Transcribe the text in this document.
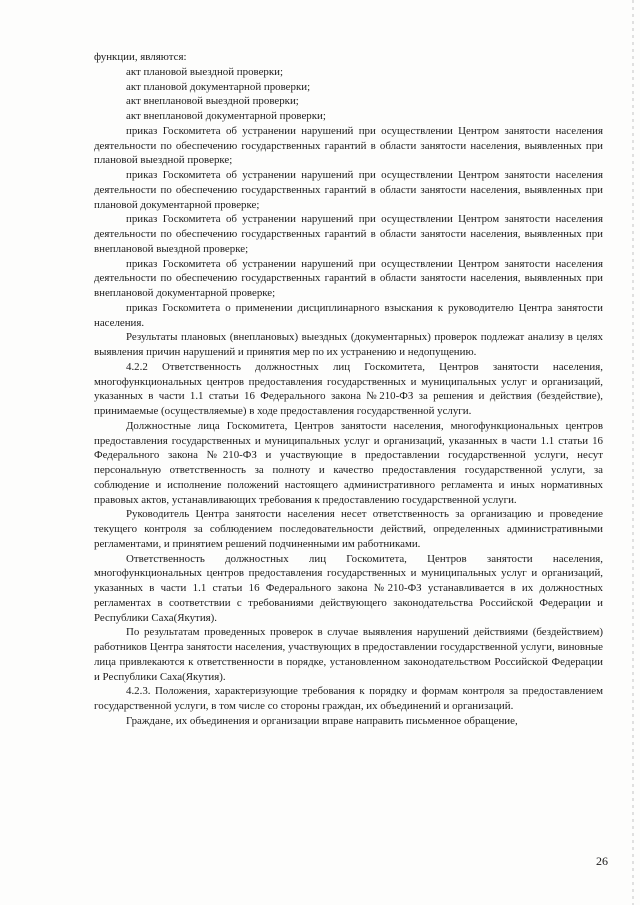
функции, являются:

акт плановой выездной проверки;

акт плановой документарной проверки;

акт внеплановой выездной проверки;

акт внеплановой документарной проверки;

приказ Госкомитета об устранении нарушений при осуществлении Центром занятости населения деятельности по обеспечению государственных гарантий в области занятости населения, выявленных при плановой выездной проверке;

приказ Госкомитета об устранении нарушений при осуществлении Центром занятости населения деятельности по обеспечению государственных гарантий в области занятости населения, выявленных при плановой документарной проверке;

приказ Госкомитета об устранении нарушений при осуществлении Центром занятости населения деятельности по обеспечению государственных гарантий в области занятости населения, выявленных при внеплановой выездной проверке;

приказ Госкомитета об устранении нарушений при осуществлении Центром занятости населения деятельности по обеспечению государственных гарантий в области занятости населения, выявленных при внеплановой документарной проверке;

приказ Госкомитета о применении дисциплинарного взыскания к руководителю Центра занятости населения.

Результаты плановых (внеплановых) выездных (документарных) проверок подлежат анализу в целях выявления причин нарушений и принятия мер по их устранению и недопущению.

4.2.2 Ответственность должностных лиц Госкомитета, Центров занятости населения, многофункциональных центров предоставления государственных и муниципальных услуг и организаций, указанных в части 1.1 статьи 16 Федерального закона №210-ФЗ за решения и действия (бездействие), принимаемые (осуществляемые) в ходе предоставления государственной услуги.

Должностные лица Госкомитета, Центров занятости населения, многофункциональных центров предоставления государственных и муниципальных услуг и организаций, указанных в части 1.1 статьи 16 Федерального закона №210-ФЗ и участвующие в предоставлении государственной услуги, несут персональную ответственность за полноту и качество предоставления государственной услуги, за соблюдение и исполнение положений настоящего административного регламента и иных нормативных правовых актов, устанавливающих требования к предоставлению государственной услуги.

Руководитель Центра занятости населения несет ответственность за организацию и проведение текущего контроля за соблюдением последовательности действий, определенных административными регламентами, и принятием решений подчиненными им работниками.

Ответственность должностных лиц Госкомитета, Центров занятости населения, многофункциональных центров предоставления государственных и муниципальных услуг и организаций, указанных в части 1.1 статьи 16 Федерального закона №210-ФЗ устанавливается в их должностных регламентах в соответствии с требованиями действующего законодательства Российской Федерации и Республики Саха(Якутия).

По результатам проведенных проверок в случае выявления нарушений действиями (бездействием) работников Центра занятости населения, участвующих в предоставлении государственной услуги, виновные лица привлекаются к ответственности в порядке, установленном законодательством Российской Федерации и Республики Саха(Якутия).

4.2.3. Положения, характеризующие требования к порядку и формам контроля за предоставлением государственной услуги, в том числе со стороны граждан, их объединений и организаций.

Граждане, их объединения и организации вправе направить письменное обращение,

26
